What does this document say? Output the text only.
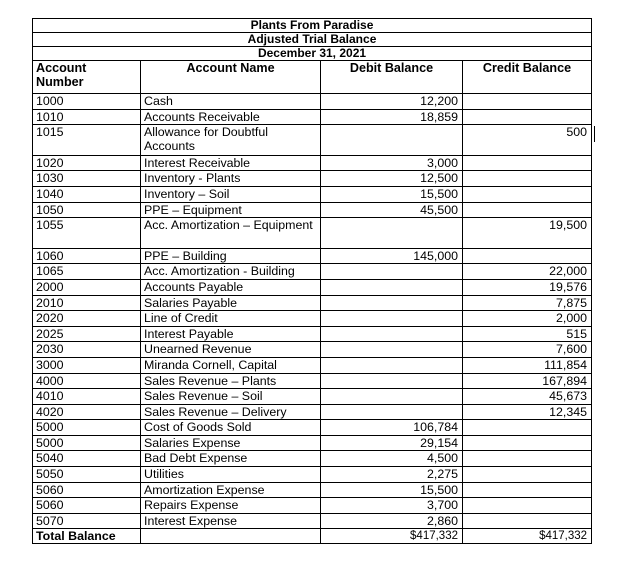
Plants From Paradise			
Adjusted Trial Balance			
December 31, 2021			
Account Number	Account Name	Debit Balance	Credit Balance
1000	Cash	12,200	
1010	Accounts Receivable	18,859	
1015	Allowance for Doubtful Accounts		500
1020	Interest Receivable	3,000	
1030	Inventory - Plants	12,500	
1040	Inventory – Soil	15,500	
1050	PPE – Equipment	45,500	
1055	Acc. Amortization – Equipment		19,500
1060	PPE – Building	145,000	
1065	Acc. Amortization - Building		22,000
2000	Accounts Payable		19,576
2010	Salaries Payable		7,875
2020	Line of Credit		2,000
2025	Interest Payable		515
2030	Unearned Revenue		7,600
3000	Miranda Cornell, Capital		111,854
4000	Sales Revenue – Plants		167,894
4010	Sales Revenue – Soil		45,673
4020	Sales Revenue – Delivery		12,345
5000	Cost of Goods Sold	106,784	
5000	Salaries Expense	29,154	
5040	Bad Debt Expense	4,500	
5050	Utilities	2,275	
5060	Amortization Expense	15,500	
5060	Repairs Expense	3,700	
5070	Interest Expense	2,860	
Total Balance		$417,332	$417,332
